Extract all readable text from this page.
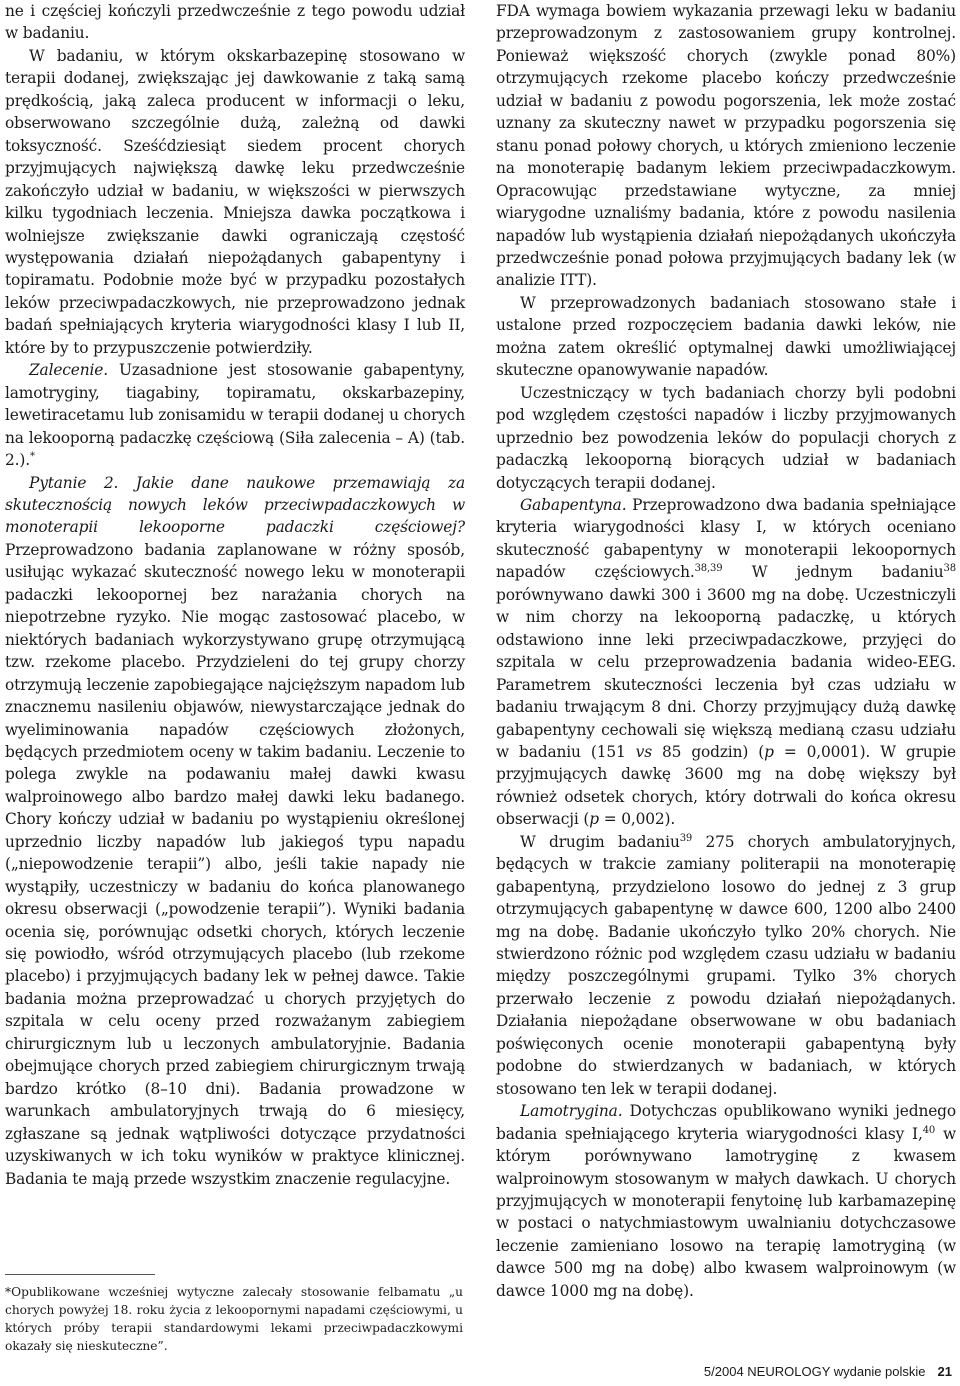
ne i częściej kończyli przedwcześnie z tego powodu udział w badaniu.

W badaniu, w którym okskarbazepinę stosowano w terapii dodanej, zwiększając jej dawkowanie z taką samą prędkością, jaką zaleca producent w informacji o leku, obserwowano szczególnie dużą, zależną od dawki toksyczność. Sześćdziesiąt siedem procent chorych przyjmujących największą dawkę leku przedwcześnie zakończyło udział w badaniu, w większości w pierwszych kilku tygodniach leczenia. Mniejsza dawka początkowa i wolniejsze zwiększanie dawki ograniczają częstość występowania działań niepożądanych gabapentyny i topiramatu. Podobnie może być w przypadku pozostałych leków przeciwpadaczkowych, nie przeprowadzono jednak badań spełniających kryteria wiarygodności klasy I lub II, które by to przypuszczenie potwierdziły.

Zalecenie. Uzasadnione jest stosowanie gabapentyny, lamotryginy, tiagabiny, topiramatu, okskarbazepiny, lewetiracetamu lub zonisamidu w terapii dodanej u chorych na lekooporną padaczkę częściową (Siła zalecenia – A) (tab. 2.).*

Pytanie 2. Jakie dane naukowe przemawiają za skutecznością nowych leków przeciwpadaczkowych w monoterapii lekooporne padaczki częściowej? Przeprowadzono badania zaplanowane w różny sposób, usiłując wykazać skuteczność nowego leku w monoterapii padaczki lekoopornej bez narażania chorych na niepotrzebne ryzyko. Nie mogąc zastosować placebo, w niektórych badaniach wykorzystywano grupę otrzymującą tzw. rzekome placebo. Przydzieleni do tej grupy chorzy otrzymują leczenie zapobiegające najcięższym napadom lub znacznemu nasileniu objawów, niewystarczające jednak do wyeliminowania napadów częściowych złożonych, będących przedmiotem oceny w takim badaniu. Leczenie to polega zwykle na podawaniu małej dawki kwasu walproinowego albo bardzo małej dawki leku badanego. Chory kończy udział w badaniu po wystąpieniu określonej uprzednio liczby napadów lub jakiegoś typu napadu („niepowodzenie terapii”) albo, jeśli takie napady nie wystąpiły, uczestniczy w badaniu do końca planowanego okresu obserwacji („powodzenie terapii”). Wyniki badania ocenia się, porównując odsetki chorych, których leczenie się powiodło, wśród otrzymujących placebo (lub rzekome placebo) i przyjmujących badany lek w pełnej dawce. Takie badania można przeprowadzać u chorych przyjętych do szpitala w celu oceny przed rozważanym zabiegiem chirurgicznym lub u leczonych ambulatoryjnie. Badania obejmujące chorych przed zabiegiem chirurgicznym trwają bardzo krótko (8–10 dni). Badania prowadzone w warunkach ambulatoryjnych trwają do 6 miesięcy, zgłaszane są jednak wątpliwości dotyczące przydatności uzyskiwanych w ich toku wyników w praktyce klinicznej. Badania te mają przede wszystkim znaczenie regulacyjne.

*Opublikowane wcześniej wytyczne zalecały stosowanie felbamatu „u chorych powyżej 18. roku życia z lekoopornymi napadami częściowymi, u których próby terapii standardowymi lekami przeciwpadaczkowymi okazały się nieskuteczne”.

FDA wymaga bowiem wykazania przewagi leku w badaniu przeprowadzonym z zastosowaniem grupy kontrolnej. Ponieważ większość chorych (zwykle ponad 80%) otrzymujących rzekome placebo kończy przedwcześnie udział w badaniu z powodu pogorszenia, lek może zostać uznany za skuteczny nawet w przypadku pogorszenia się stanu ponad połowy chorych, u których zmieniono leczenie na monoterapię badanym lekiem przeciwpadaczkowym. Opracowując przedstawiane wytyczne, za mniej wiarygodne uznaliśmy badania, które z powodu nasilenia napadów lub wystąpienia działań niepożądanych ukończyła przedwcześnie ponad połowa przyjmujących badany lek (w analizie ITT).

W przeprowadzonych badaniach stosowano stałe i ustalone przed rozpoczęciem badania dawki leków, nie można zatem określić optymalnej dawki umożliwiającej skuteczne opanowywanie napadów.

Uczestniczący w tych badaniach chorzy byli podobni pod względem częstości napadów i liczby przyjmowanych uprzednio bez powodzenia leków do populacji chorych z padaczką lekooporną biorących udział w badaniach dotyczących terapii dodanej.

Gabapentyna. Przeprowadzono dwa badania spełniające kryteria wiarygodności klasy I, w których oceniano skuteczność gabapentyny w monoterapii lekoopornych napadów częściowych.$^{38,39}$ W jednym badaniu$^{38}$ porównywano dawki 300 i 3600 mg na dobę. Uczestniczyli w nim chorzy na lekooporną padaczkę, u których odstawiono inne leki przeciwpadaczkowe, przyjęci do szpitala w celu przeprowadzenia badania wideo-EEG. Parametrem skuteczności leczenia był czas udziału w badaniu trwającym 8 dni. Chorzy przyjmujący dużą dawkę gabapentyny cechowali się większą medianą czasu udziału w badaniu (151 vs 85 godzin) (p = 0,0001). W grupie przyjmujących dawkę 3600 mg na dobę większy był również odsetek chorych, który dotrwali do końca okresu obserwacji (p = 0,002).

W drugim badaniu$^{39}$ 275 chorych ambulatoryjnych, będących w trakcie zamiany politerapii na monoterapię gabapentyną, przydzielono losowo do jednej z 3 grup otrzymujących gabapentynę w dawce 600, 1200 albo 2400 mg na dobę. Badanie ukończyło tylko 20% chorych. Nie stwierdzono różnic pod względem czasu udziału w badaniu między poszczególnymi grupami. Tylko 3% chorych przerwało leczenie z powodu działań niepożądanych. Działania niepożądane obserwowane w obu badaniach poświęconych ocenie monoterapii gabapentyną były podobne do stwierdzanych w badaniach, w których stosowano ten lek w terapii dodanej.

Lamotrygina. Dotychczas opublikowano wyniki jednego badania spełniającego kryteria wiarygodności klasy I,$^{40}$ w którym porównywano lamotryginę z kwasem walproinowym stosowanym w małych dawkach. U chorych przyjmujących w monoterapii fenytoinę lub karbamazepinę w postaci o natychmiastowym uwalnianiu dotychczasowe leczenie zamieniano losowo na terapię lamotryginą (w dawce 500 mg na dobę) albo kwasem walproinowym (w dawce 1000 mg na dobę).

5/2004 NEUROLOGY wydanie polskie 21
